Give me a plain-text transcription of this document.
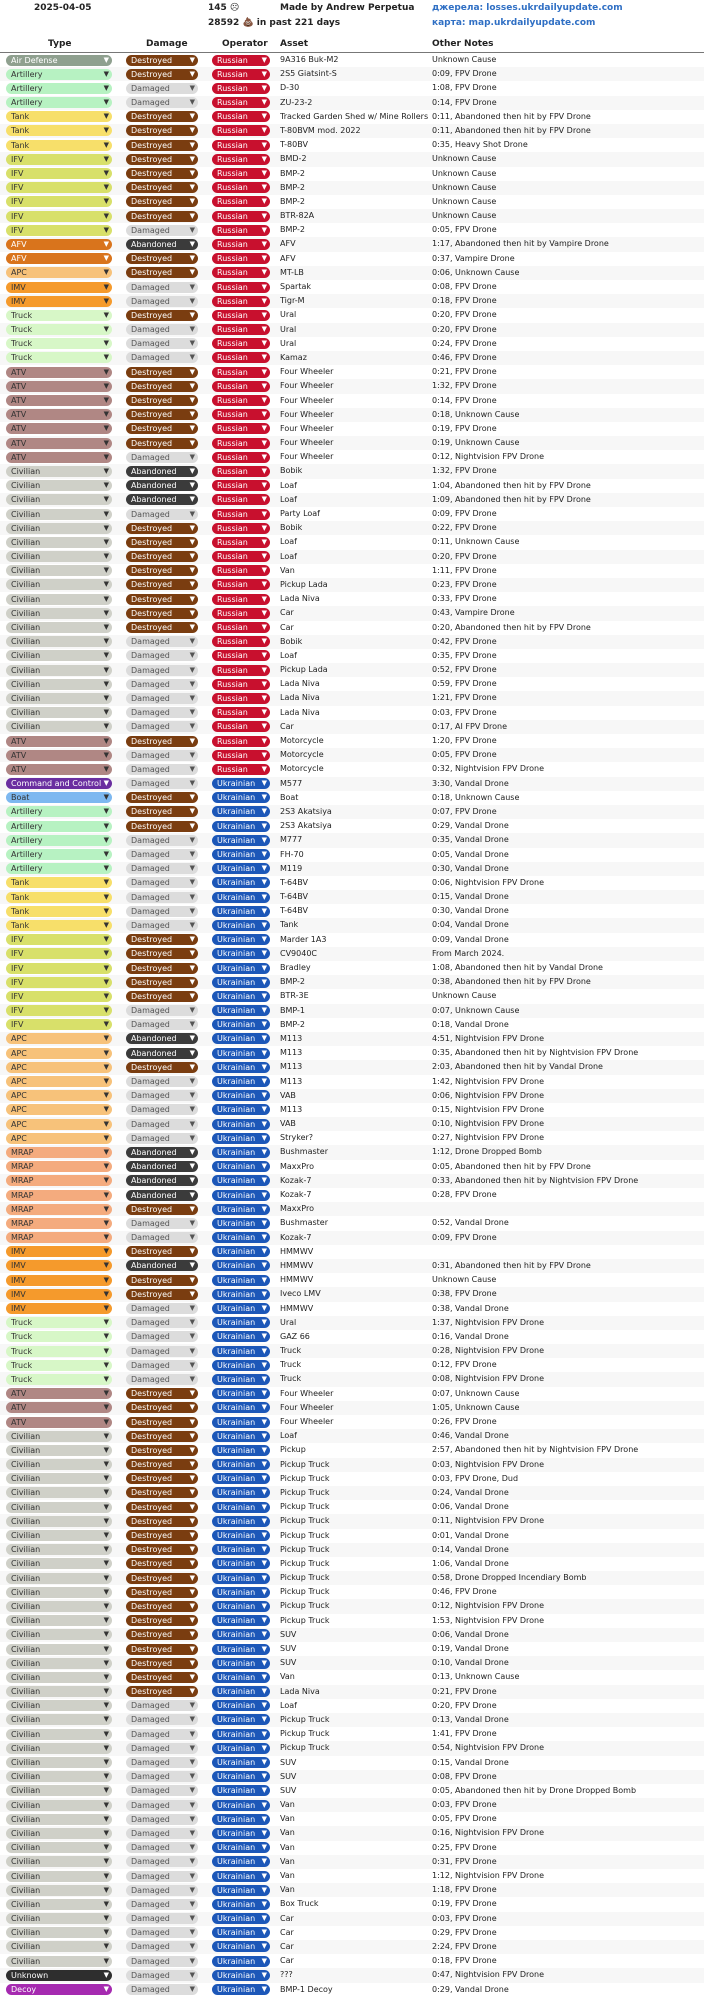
2025-04-05	145 ☹
28592 💩 in past 221 days
Made by Andrew Perpetua джерела: losses.ukrdailyupdate.com
карта: map.ukrdailyupdate.com
Type	Damage	Operator Asset	Other Notes
Air Defense	▼	Destroyed ▼	Russian ▼ 9A316 Buk-M2	Unknown Cause
Artillery	▼	Destroyed ▼	Russian ▼ 2S5 Giatsint-S	0:09, FPV Drone
Artillery	▼	Damaged	▼	Russian ▼ D-30	1:08, FPV Drone
Artillery	▼	Damaged	▼	Russian ▼ ZU-23-2	0:14, FPV Drone
Tank	▼	Destroyed ▼	Russian ▼ Tracked Garden Shed w/ Mine Rollers 0:11, Abandoned then hit by FPV Drone
Tank	▼	Destroyed ▼	Russian ▼ T-80BVM mod. 2022	0:11, Abandoned then hit by FPV Drone
Tank	▼	Destroyed ▼	Russian ▼ T-80BV	0:35, Heavy Shot Drone
IFV	▼	Destroyed ▼	Russian ▼ BMD-2	Unknown Cause
IFV	▼	Destroyed ▼	Russian ▼ BMP-2	Unknown Cause
IFV	▼	Destroyed ▼	Russian ▼ BMP-2	Unknown Cause
IFV	▼	Destroyed ▼	Russian ▼ BMP-2	Unknown Cause
IFV	▼	Destroyed ▼	Russian ▼ BTR-82A	Unknown Cause
IFV	▼	Damaged	▼	Russian ▼ BMP-2	0:05, FPV Drone
AFV	▼	Abandoned ▼	Russian ▼ AFV	1:17, Abandoned then hit by Vampire Drone
AFV	▼	Destroyed ▼	Russian ▼ AFV	0:37, Vampire Drone
APC	▼	Destroyed ▼	Russian ▼ MT-LB	0:06, Unknown Cause
IMV	▼	Damaged	▼	Russian ▼ Spartak	0:08, FPV Drone
IMV	▼	Damaged	▼	Russian ▼ Tigr-M	0:18, FPV Drone
Truck	▼	Destroyed ▼	Russian ▼ Ural	0:20, FPV Drone
Truck	▼	Damaged	▼	Russian ▼ Ural	0:20, FPV Drone
Truck	▼	Damaged	▼	Russian ▼ Ural	0:24, FPV Drone
Truck	▼	Damaged	▼	Russian ▼ Kamaz	0:46, FPV Drone
ATV	▼	Destroyed ▼	Russian ▼ Four Wheeler	0:21, FPV Drone
ATV	▼	Destroyed ▼	Russian ▼ Four Wheeler	1:32, FPV Drone
ATV	▼	Destroyed ▼	Russian ▼ Four Wheeler	0:14, FPV Drone
ATV	▼	Destroyed ▼	Russian ▼ Four Wheeler	0:18, Unknown Cause
ATV	▼	Destroyed ▼	Russian ▼ Four Wheeler	0:19, FPV Drone
ATV	▼	Destroyed ▼	Russian ▼ Four Wheeler	0:19, Unknown Cause
ATV	▼	Damaged	▼	Russian ▼ Four Wheeler	0:12, Nightvision FPV Drone
Civilian	▼	Abandoned ▼	Russian ▼ Bobik	1:32, FPV Drone
Civilian	▼	Abandoned ▼	Russian ▼ Loaf	1:04, Abandoned then hit by FPV Drone
Civilian	▼	Abandoned ▼	Russian ▼ Loaf	1:09, Abandoned then hit by FPV Drone
Civilian	▼	Damaged	▼	Russian ▼ Party Loaf	0:09, FPV Drone
Civilian	▼	Destroyed ▼	Russian ▼ Bobik	0:22, FPV Drone
Civilian	▼	Destroyed ▼	Russian ▼ Loaf	0:11, Unknown Cause
Civilian	▼	Destroyed ▼	Russian ▼ Loaf	0:20, FPV Drone
Civilian	▼	Destroyed ▼	Russian ▼ Van	1:11, FPV Drone
Civilian	▼	Destroyed ▼	Russian ▼ Pickup Lada	0:23, FPV Drone
Civilian	▼	Destroyed ▼	Russian ▼ Lada Niva	0:33, FPV Drone
Civilian	▼	Destroyed ▼	Russian ▼ Car	0:43, Vampire Drone
Civilian	▼	Destroyed ▼	Russian ▼ Car	0:20, Abandoned then hit by FPV Drone
Civilian	▼	Damaged	▼	Russian ▼ Bobik	0:42, FPV Drone
Civilian	▼	Damaged	▼	Russian ▼ Loaf	0:35, FPV Drone
Civilian	▼	Damaged	▼	Russian ▼ Pickup Lada	0:52, FPV Drone
Civilian	▼	Damaged	▼	Russian ▼ Lada Niva	0:59, FPV Drone
Civilian	▼	Damaged	▼	Russian ▼ Lada Niva	1:21, FPV Drone
Civilian	▼	Damaged	▼	Russian ▼ Lada Niva	0:03, FPV Drone
Civilian	▼	Damaged	▼	Russian ▼ Car	0:17, AI FPV Drone
ATV	▼	Destroyed ▼	Russian ▼ Motorcycle	1:20, FPV Drone
ATV	▼	Damaged	▼	Russian ▼ Motorcycle	0:05, FPV Drone
ATV	▼	Damaged	▼	Russian ▼ Motorcycle	0:32, Nightvision FPV Drone
Command and Control ▼	Damaged	▼	Ukrainian ▼ M577	3:30, Vandal Drone
Boat	▼	Destroyed ▼	Ukrainian ▼ Boat	0:18, Unknown Cause
Artillery	▼	Destroyed ▼	Ukrainian ▼ 2S3 Akatsiya	0:07, FPV Drone
Artillery	▼	Destroyed ▼	Ukrainian ▼ 2S3 Akatsiya	0:29, Vandal Drone
Artillery	▼	Damaged	▼	Ukrainian ▼ M777	0:35, Vandal Drone
Artillery	▼	Damaged	▼	Ukrainian ▼ FH-70	0:05, Vandal Drone
Artillery	▼	Damaged	▼	Ukrainian ▼ M119	0:30, Vandal Drone
Tank	▼	Damaged	▼	Ukrainian ▼ T-64BV	0:06, Nightvision FPV Drone
Tank	▼	Damaged	▼	Ukrainian ▼ T-64BV	0:15, Vandal Drone
Tank	▼	Damaged	▼	Ukrainian ▼ T-64BV	0:30, Vandal Drone
Tank	▼	Damaged	▼	Ukrainian ▼ Tank	0:04, Vandal Drone
IFV	▼	Destroyed ▼	Ukrainian ▼ Marder 1A3	0:09, Vandal Drone
IFV	▼	Destroyed ▼	Ukrainian ▼ CV9040C	From March 2024.
IFV	▼	Destroyed ▼	Ukrainian ▼ Bradley	1:08, Abandoned then hit by Vandal Drone
IFV	▼	Destroyed ▼	Ukrainian ▼ BMP-2	0:38, Abandoned then hit by FPV Drone
IFV	▼	Destroyed ▼	Ukrainian ▼ BTR-3E	Unknown Cause
IFV	▼	Damaged	▼	Ukrainian ▼ BMP-1	0:07, Unknown Cause
IFV	▼	Damaged	▼	Ukrainian ▼ BMP-2	0:18, Vandal Drone
APC	▼	Abandoned ▼	Ukrainian ▼ M113	4:51, Nightvision FPV Drone
APC	▼	Abandoned ▼	Ukrainian ▼ M113	0:35, Abandoned then hit by Nightvision FPV Drone
APC	▼	Destroyed ▼	Ukrainian ▼ M113	2:03, Abandoned then hit by Vandal Drone
APC	▼	Damaged	▼	Ukrainian ▼ M113	1:42, Nightvision FPV Drone
APC	▼	Damaged	▼	Ukrainian ▼ VAB	0:06, Nightvision FPV Drone
APC	▼	Damaged	▼	Ukrainian ▼ M113	0:15, Nightvision FPV Drone
APC	▼	Damaged	▼	Ukrainian ▼ VAB	0:10, Nightvision FPV Drone
APC	▼	Damaged	▼	Ukrainian ▼ Stryker?	0:27, Nightvision FPV Drone
MRAP	▼	Abandoned ▼	Ukrainian ▼ Bushmaster	1:12, Drone Dropped Bomb
MRAP	▼	Abandoned ▼	Ukrainian ▼ MaxxPro	0:05, Abandoned then hit by FPV Drone
MRAP	▼	Abandoned ▼	Ukrainian ▼ Kozak-7	0:33, Abandoned then hit by Nightvision FPV Drone
MRAP	▼	Abandoned ▼	Ukrainian ▼ Kozak-7	0:28, FPV Drone
MRAP	▼	Destroyed ▼	Ukrainian ▼ MaxxPro
MRAP	▼	Damaged	▼	Ukrainian ▼ Bushmaster	0:52, Vandal Drone
MRAP	▼	Damaged	▼	Ukrainian ▼ Kozak-7	0:09, FPV Drone
IMV	▼	Destroyed ▼	Ukrainian ▼ HMMWV
IMV	▼	Abandoned ▼	Ukrainian ▼ HMMWV	0:31, Abandoned then hit by FPV Drone
IMV	▼	Destroyed ▼	Ukrainian ▼ HMMWV	Unknown Cause
IMV	▼	Destroyed ▼	Ukrainian ▼ Iveco LMV	0:38, FPV Drone
IMV	▼	Damaged	▼	Ukrainian ▼ HMMWV	0:38, Vandal Drone
Truck	▼	Damaged	▼	Ukrainian ▼ Ural	1:37, Nightvision FPV Drone
Truck	▼	Damaged	▼	Ukrainian ▼ GAZ 66	0:16, Vandal Drone
Truck	▼	Damaged	▼	Ukrainian ▼ Truck	0:28, Nightvision FPV Drone
Truck	▼	Damaged	▼	Ukrainian ▼ Truck	0:12, FPV Drone
Truck	▼	Damaged	▼	Ukrainian ▼ Truck	0:08, Nightvision FPV Drone
ATV	▼	Destroyed ▼	Ukrainian ▼ Four Wheeler	0:07, Unknown Cause
ATV	▼	Destroyed ▼	Ukrainian ▼ Four Wheeler	1:05, Unknown Cause
ATV	▼	Destroyed ▼	Ukrainian ▼ Four Wheeler	0:26, FPV Drone
Civilian	▼	Destroyed ▼	Ukrainian ▼ Loaf	0:46, Vandal Drone
Civilian	▼	Destroyed ▼	Ukrainian ▼ Pickup	2:57, Abandoned then hit by Nightvision FPV Drone
Civilian	▼	Destroyed ▼	Ukrainian ▼ Pickup Truck	0:03, Nightvision FPV Drone
Civilian	▼	Destroyed ▼	Ukrainian ▼ Pickup Truck	0:03, FPV Drone, Dud
Civilian	▼	Destroyed ▼	Ukrainian ▼ Pickup Truck	0:24, Vandal Drone
Civilian	▼	Destroyed ▼	Ukrainian ▼ Pickup Truck	0:06, Vandal Drone
Civilian	▼	Destroyed ▼	Ukrainian ▼ Pickup Truck	0:11, Nightvision FPV Drone
Civilian	▼	Destroyed ▼	Ukrainian ▼ Pickup Truck	0:01, Vandal Drone
Civilian	▼	Destroyed ▼	Ukrainian ▼ Pickup Truck	0:14, Vandal Drone
Civilian	▼	Destroyed ▼	Ukrainian ▼ Pickup Truck	1:06, Vandal Drone
Civilian	▼	Destroyed ▼	Ukrainian ▼ Pickup Truck	0:58, Drone Dropped Incendiary Bomb
Civilian	▼	Destroyed ▼	Ukrainian ▼ Pickup Truck	0:46, FPV Drone
Civilian	▼	Destroyed ▼	Ukrainian ▼ Pickup Truck	0:12, Nightvision FPV Drone
Civilian	▼	Destroyed ▼	Ukrainian ▼ Pickup Truck	1:53, Nightvision FPV Drone
Civilian	▼	Destroyed ▼	Ukrainian ▼ SUV	0:06, Vandal Drone
Civilian	▼	Destroyed ▼	Ukrainian ▼ SUV	0:19, Vandal Drone
Civilian	▼	Destroyed ▼	Ukrainian ▼ SUV	0:10, Vandal Drone
Civilian	▼	Destroyed ▼	Ukrainian ▼ Van	0:13, Unknown Cause
Civilian	▼	Destroyed ▼	Ukrainian ▼ Lada Niva	0:21, FPV Drone
Civilian	▼	Damaged	▼	Ukrainian ▼ Loaf	0:20, FPV Drone
Civilian	▼	Damaged	▼	Ukrainian ▼ Pickup Truck	0:13, Vandal Drone
Civilian	▼	Damaged	▼	Ukrainian ▼ Pickup Truck	1:41, FPV Drone
Civilian	▼	Damaged	▼	Ukrainian ▼ Pickup Truck	0:54, Nightvision FPV Drone
Civilian	▼	Damaged	▼	Ukrainian ▼ SUV	0:15, Vandal Drone
Civilian	▼	Damaged	▼	Ukrainian ▼ SUV	0:08, FPV Drone
Civilian	▼	Damaged	▼	Ukrainian ▼ SUV	0:05, Abandoned then hit by Drone Dropped Bomb
Civilian	▼	Damaged	▼	Ukrainian ▼ Van	0:03, FPV Drone
Civilian	▼	Damaged	▼	Ukrainian ▼ Van	0:05, FPV Drone
Civilian	▼	Damaged	▼	Ukrainian ▼ Van	0:16, Nightvision FPV Drone
Civilian	▼	Damaged	▼	Ukrainian ▼ Van	0:25, FPV Drone
Civilian	▼	Damaged	▼	Ukrainian ▼ Van	0:31, FPV Drone
Civilian	▼	Damaged	▼	Ukrainian ▼ Van	1:12, Nightvision FPV Drone
Civilian	▼	Damaged	▼	Ukrainian ▼ Van	1:18, FPV Drone
Civilian	▼	Damaged	▼	Ukrainian ▼ Box Truck	0:19, FPV Drone
Civilian	▼	Damaged	▼	Ukrainian ▼ Car	0:03, FPV Drone
Civilian	▼	Damaged	▼	Ukrainian ▼ Car	0:29, FPV Drone
Civilian	▼	Damaged	▼	Ukrainian ▼ Car	2:24, FPV Drone
Civilian	▼	Damaged	▼	Ukrainian ▼ Car	0:18, FPV Drone
Unknown	▼	Damaged	▼	Ukrainian ▼ ???	0:47, Nightvision FPV Drone
Decoy	▼	Damaged	▼	Ukrainian ▼ BMP-1 Decoy	0:29, Vandal Drone
